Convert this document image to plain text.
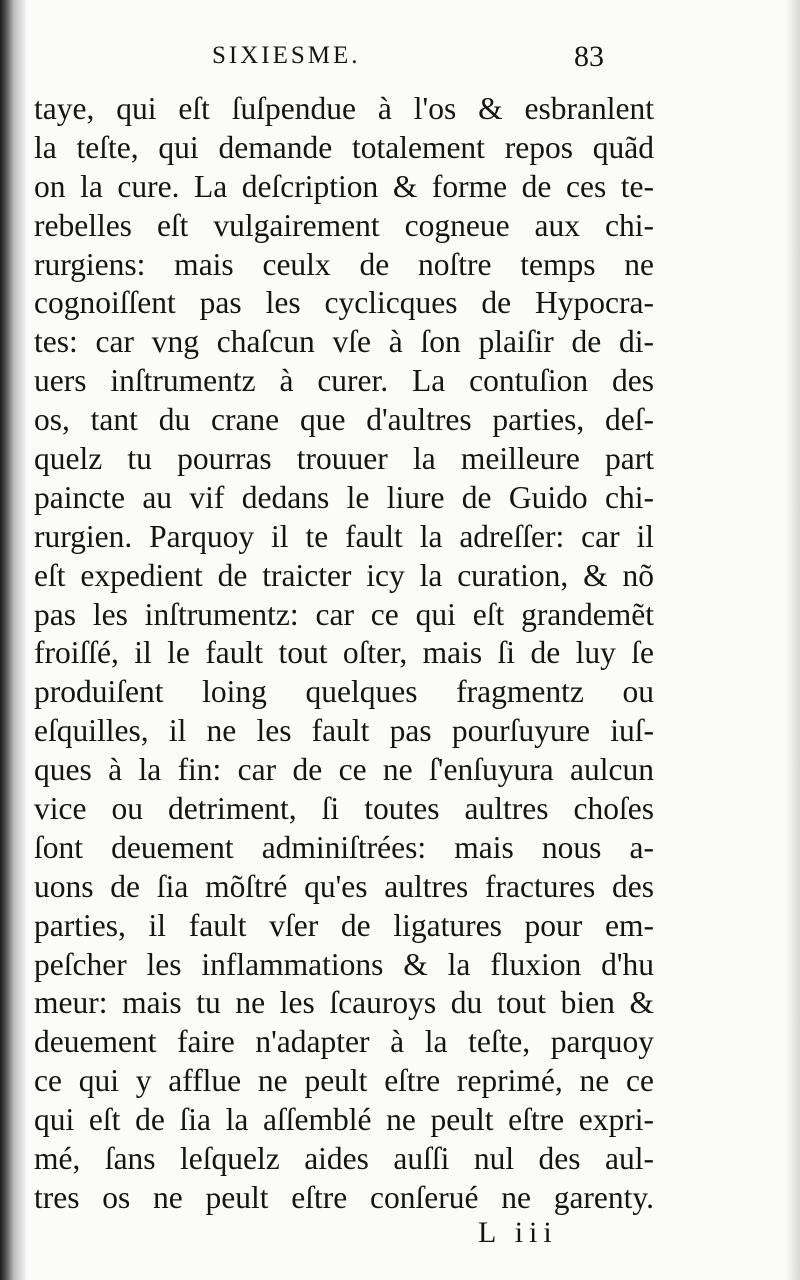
SIXIESME.	83
taye, qui eſt ſuſpendue à l'os & esbranlent
la teſte, qui demande totalement repos quãd
on la cure. La deſcription & forme de ces te-
rebelles eſt vulgairement cogneue aux chi-
rurgiens: mais ceulx de noſtre temps ne
cognoiſſent pas les cyclicques de Hypocra-
tes: car vng chaſcun vſe à ſon plaiſir de di-
uers inſtrumentz à curer. La contuſion des
os, tant du crane que d'aultres parties, deſ-
quelz tu pourras trouuer la meilleure part
paincte au vif dedans le liure de Guido chi-
rurgien. Parquoy il te fault la adreſſer: car il
eſt expedient de traicter icy la curation, & nõ
pas les inſtrumentz: car ce qui eſt grandemẽt
froiſſé, il le fault tout oſter, mais ſi de luy ſe
produiſent loing quelques fragmentz ou
eſquilles, il ne les fault pas pourſuyure iuſ-
ques à la fin: car de ce ne ſ'enſuyura aulcun
vice ou detriment, ſi toutes aultres choſes
ſont deuement adminiſtrées: mais nous a-
uons de ſia mõſtré qu'es aultres fractures des
parties, il fault vſer de ligatures pour em-
peſcher les inflammations & la fluxion d'hu
meur: mais tu ne les ſcauroys du tout bien &
deuement faire n'adapter à la teſte, parquoy
ce qui y afflue ne peult eſtre reprimé, ne ce
qui eſt de ſia la aſſemblé ne peult eſtre expri-
mé, ſans leſquelz aides auſſi nul des aul-
tres os ne peult eſtre conſerué ne garenty.
L iii
